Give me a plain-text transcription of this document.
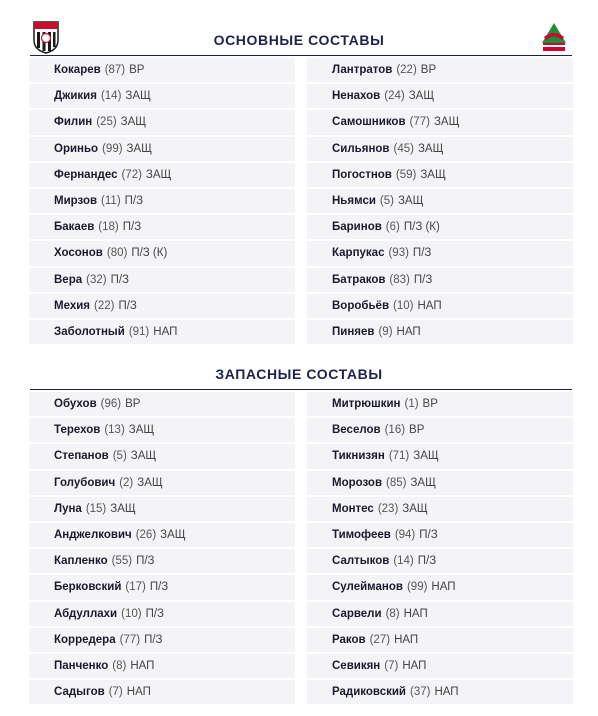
ОСНОВНЫЕ СОСТАВЫ
Кокарев (87) ВР
Джикия (14) ЗАЩ
Филин (25) ЗАЩ
Ориньо (99) ЗАЩ
Фернандес (72) ЗАЩ
Мирзов (11) П/З
Бакаев (18) П/З
Хосонов (80) П/З (К)
Вера (32) П/З
Мехия (22) П/З
Заболотный (91) НАП
Лантратов (22) ВР
Ненахов (24) ЗАЩ
Самошников (77) ЗАЩ
Сильянов (45) ЗАЩ
Погостнов (59) ЗАЩ
Ньямси (5) ЗАЩ
Баринов (6) П/З (К)
Карпукас (93) П/З
Батраков (83) П/З
Воробьёв (10) НАП
Пиняев (9) НАП
ЗАПАСНЫЕ СОСТАВЫ
Обухов (96) ВР
Терехов (13) ЗАЩ
Степанов (5) ЗАЩ
Голубович (2) ЗАЩ
Луна (15) ЗАЩ
Анджелкович (26) ЗАЩ
Капленко (55) П/З
Берковский (17) П/З
Абдуллахи (10) П/З
Корредера (77) П/З
Панченко (8) НАП
Садыгов (7) НАП
Митрюшкин (1) ВР
Веселов (16) ВР
Тикнизян (71) ЗАЩ
Морозов (85) ЗАЩ
Монтес (23) ЗАЩ
Тимофеев (94) П/З
Салтыков (14) П/З
Сулейманов (99) НАП
Сарвели (8) НАП
Раков (27) НАП
Севикян (7) НАП
Радиковский (37) НАП
